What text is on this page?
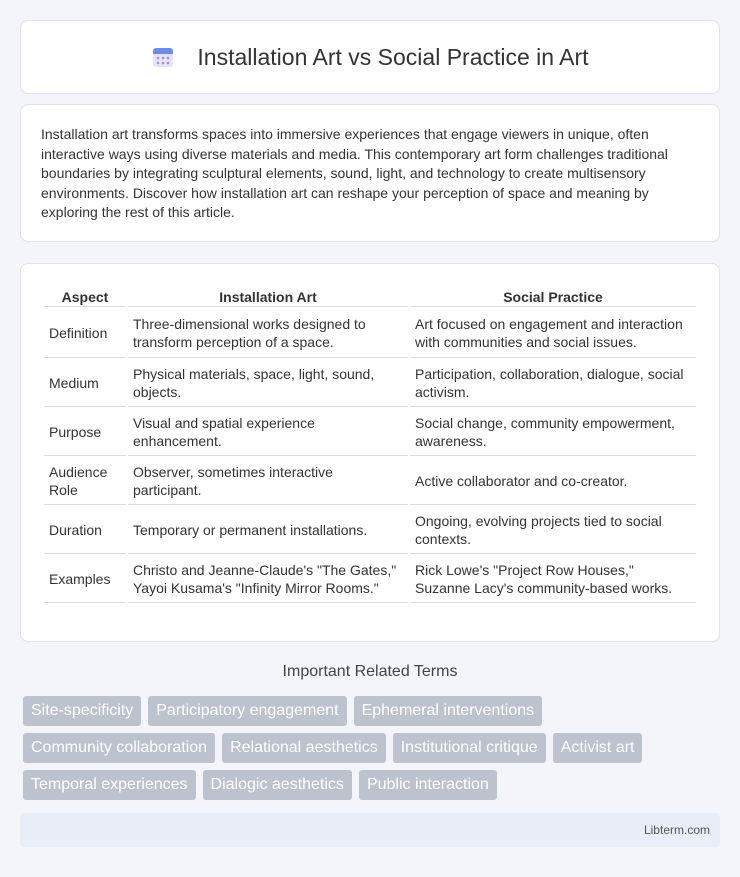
Installation Art vs Social Practice in Art

Installation art transforms spaces into immersive experiences that engage viewers in unique, often interactive ways using diverse materials and media. This contemporary art form challenges traditional boundaries by integrating sculptural elements, sound, light, and technology to create multisensory environments. Discover how installation art can reshape your perception of space and meaning by exploring the rest of this article.

Aspect	Installation Art	Social Practice
Definition	Three-dimensional works designed to transform perception of a space.	Art focused on engagement and interaction with communities and social issues.
Medium	Physical materials, space, light, sound, objects.	Participation, collaboration, dialogue, social activism.
Purpose	Visual and spatial experience enhancement.	Social change, community empowerment, awareness.
Audience Role	Observer, sometimes interactive participant.	Active collaborator and co-creator.
Duration	Temporary or permanent installations.	Ongoing, evolving projects tied to social contexts.
Examples	Christo and Jeanne-Claude's "The Gates," Yayoi Kusama's "Infinity Mirror Rooms."	Rick Lowe's "Project Row Houses," Suzanne Lacy's community-based works.
Important Related Terms
Site-specificity	Participatory engagement	Ephemeral interventions
Community collaboration	Relational aesthetics	Institutional critique	Activist art
Temporal experiences	Dialogic aesthetics	Public interaction
Libterm.com
